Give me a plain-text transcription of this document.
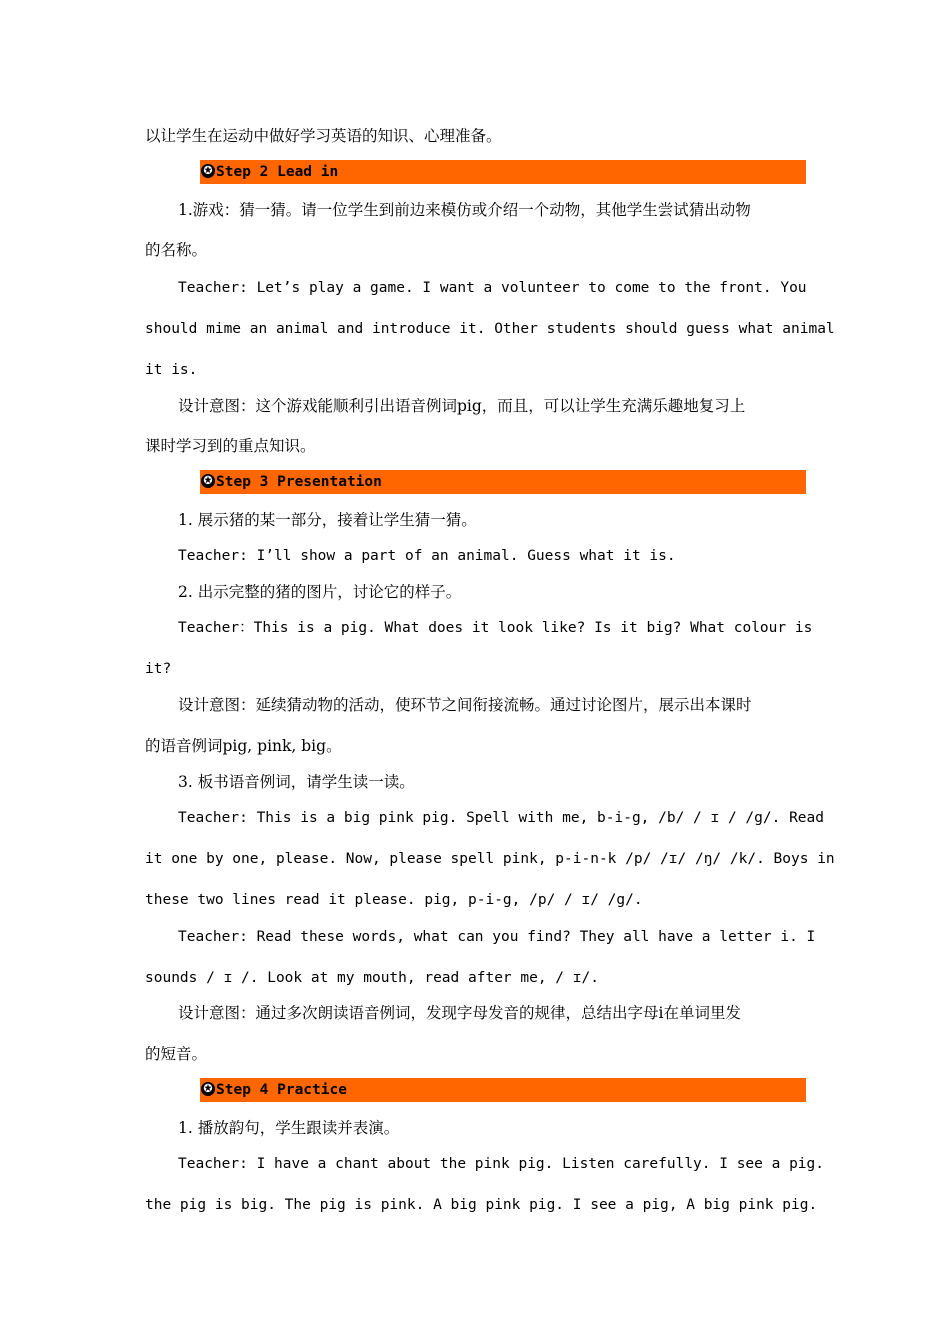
以让学生在运动中做好学习英语的知识、心理准备。
✪ Step 2 Lead in
1.游戏：猜一猜。请一位学生到前边来模仿或介绍一个动物，其他学生尝试猜出动物
的名称。
Teacher: Let’s play a game. I want a volunteer to come to the front. You
should mime an animal and introduce it. Other students should guess what animal
it is.
设计意图：这个游戏能顺利引出语音例词pig，而且，可以让学生充满乐趣地复习上
课时学习到的重点知识。
✪ Step 3 Presentation
1. 展示猪的某一部分，接着让学生猜一猜。
Teacher: I’ll show a part of an animal. Guess what it is.
2. 出示完整的猪的图片，讨论它的样子。
Teacher：This is a pig. What does it look like? Is it big? What colour is
it?
设计意图：延续猜动物的活动，使环节之间衔接流畅。通过讨论图片，展示出本课时
的语音例词pig, pink, big。
3. 板书语音例词，请学生读一读。
Teacher: This is a big pink pig. Spell with me, b-i-g, /b/ / ɪ / /g/. Read
it one by one, please. Now, please spell pink, p-i-n-k /p/ /ɪ/ /ŋ/ /k/. Boys in
these two lines read it please. pig, p-i-g, /p/ / ɪ/ /g/.
Teacher: Read these words, what can you find? They all have a letter i. I
sounds / ɪ /. Look at my mouth, read after me, / ɪ/.
设计意图：通过多次朗读语音例词，发现字母发音的规律，总结出字母i在单词里发
的短音。
✪ Step 4 Practice
1. 播放韵句，学生跟读并表演。
Teacher: I have a chant about the pink pig. Listen carefully. I see a pig.
the pig is big. The pig is pink. A big pink pig. I see a pig, A big pink pig.
